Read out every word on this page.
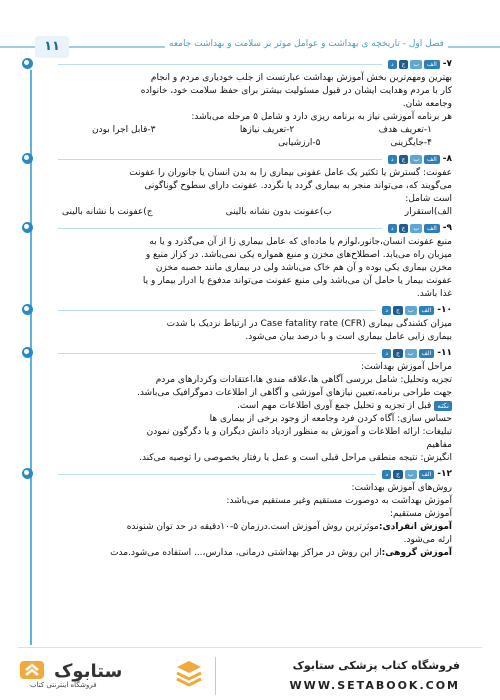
۱۱	فصل اول - تاریخچه ی بهداشت و عوامل موثر بر سلامت و بهداشت جامعه
۷-
الف
ب
ج
د

بهترین ومهم‌ترین بخش آموزش بهداشت عبارتست از جلب خودیاری مردم و انجام

کار با مردم وهدایت ایشان در قبول مسئولیت بیشتر برای حفظ سلامت خود، خانواده

وجامعه شان.

هر برنامه آموزشی نیاز به برنامه ریزی دارد و شامل ۵ مرحله می‌باشد:

۱-تعریف هدف
۲-تعریف نیازها
۳-قابل اجرا بودن
۴-جایگزینی
۵-ارزشیابی
۸-
الف
ب
ج
د

عفونت: گسترش یا تکثیر یک عامل عفونی بیماری را به بدن انسان یا جانوران را عفونت

می‌گویند که، می‌تواند منجر به بیماری گردد یا نگردد. عفونت دارای سطوح گوناگونی

است شامل:

الف)استقرار
ب)عفونت بدون نشانه بالینی
ج)عفونت با نشانه بالینی
۹-
الف
ب
ج
د

منبع عفونت انسان،جانور،لوازم یا ماده‌ای که عامل بیماری زا از آن می‌گذرد و یا به

میزبان راه می‌یابد. اصطلاح‌های مخزن و منبع همواره یکی نمی‌باشد. در کزاز منبع و

مخزن بیماری یکی بوده و آن هم خاک می‌باشد ولی در بیماری مانند حصبه مخزن

عفونت بیمار یا حامل آن می‌باشد ولی منبع عفونت می‌تواند مدفوع یا ادرار بیمار و یا

غذا باشد.

۱۰-
الف
ب
ج
د

میزان کشندگی بیماری (CFR) Case fatality rate در ارتباط نزدیک با شدت

بیماری زایی عامل بیماری است و با درصد بیان می‌شود.

۱۱-
الف
ب
ج
د

مراحل آموزش بهداشت:

تجزیه وتحلیل: شامل بررسی آگاهی ها،علاقه مندی ها،اعتقادات وکردارهای مردم

جهت طراحی برنامه،تعیین نیازهای آموزشی و آگاهی از اطلاعات دموگرافیک می‌باشد.

نکتهقبل از تجزیه و تحلیل جمع آوری اطلاعات مهم است.

حساس سازی: آگاه کردن فرد وجامعه از وجود برخی از بیماری ها

تبلیغات: ارائه اطلاعات و آموزش به منظور ازدیاد دانش دیگران و یا دگرگون نمودن

مفاهیم

انگیزش: نتیجه منطقی مراحل قبلی است و عمل یا رفتار بخصوصی را توصیه می‌کند.

۱۲-
الف
ب
ج
د

روش‌های آموزش بهداشت:

آموزش بهداشت به دوصورت مستقیم وغیر مستقیم می‌باشد:

آموزش مستقیم:

آموزش انفرادی:موثرترین روش آموزش است.درزمان ۵-۱۰دقیقه در حد توان شنونده

ارئه می‌شود.

آموزش گروهی:از این روش در مراکز بهداشتی درمانی، مدارس،... استفاده می‌شود.مدت

ستابوک
فروشگاه اینترنتی کتاب
فروشگاه کتاب پزشکی ستابوک
WWW.SETABOOK.COM
